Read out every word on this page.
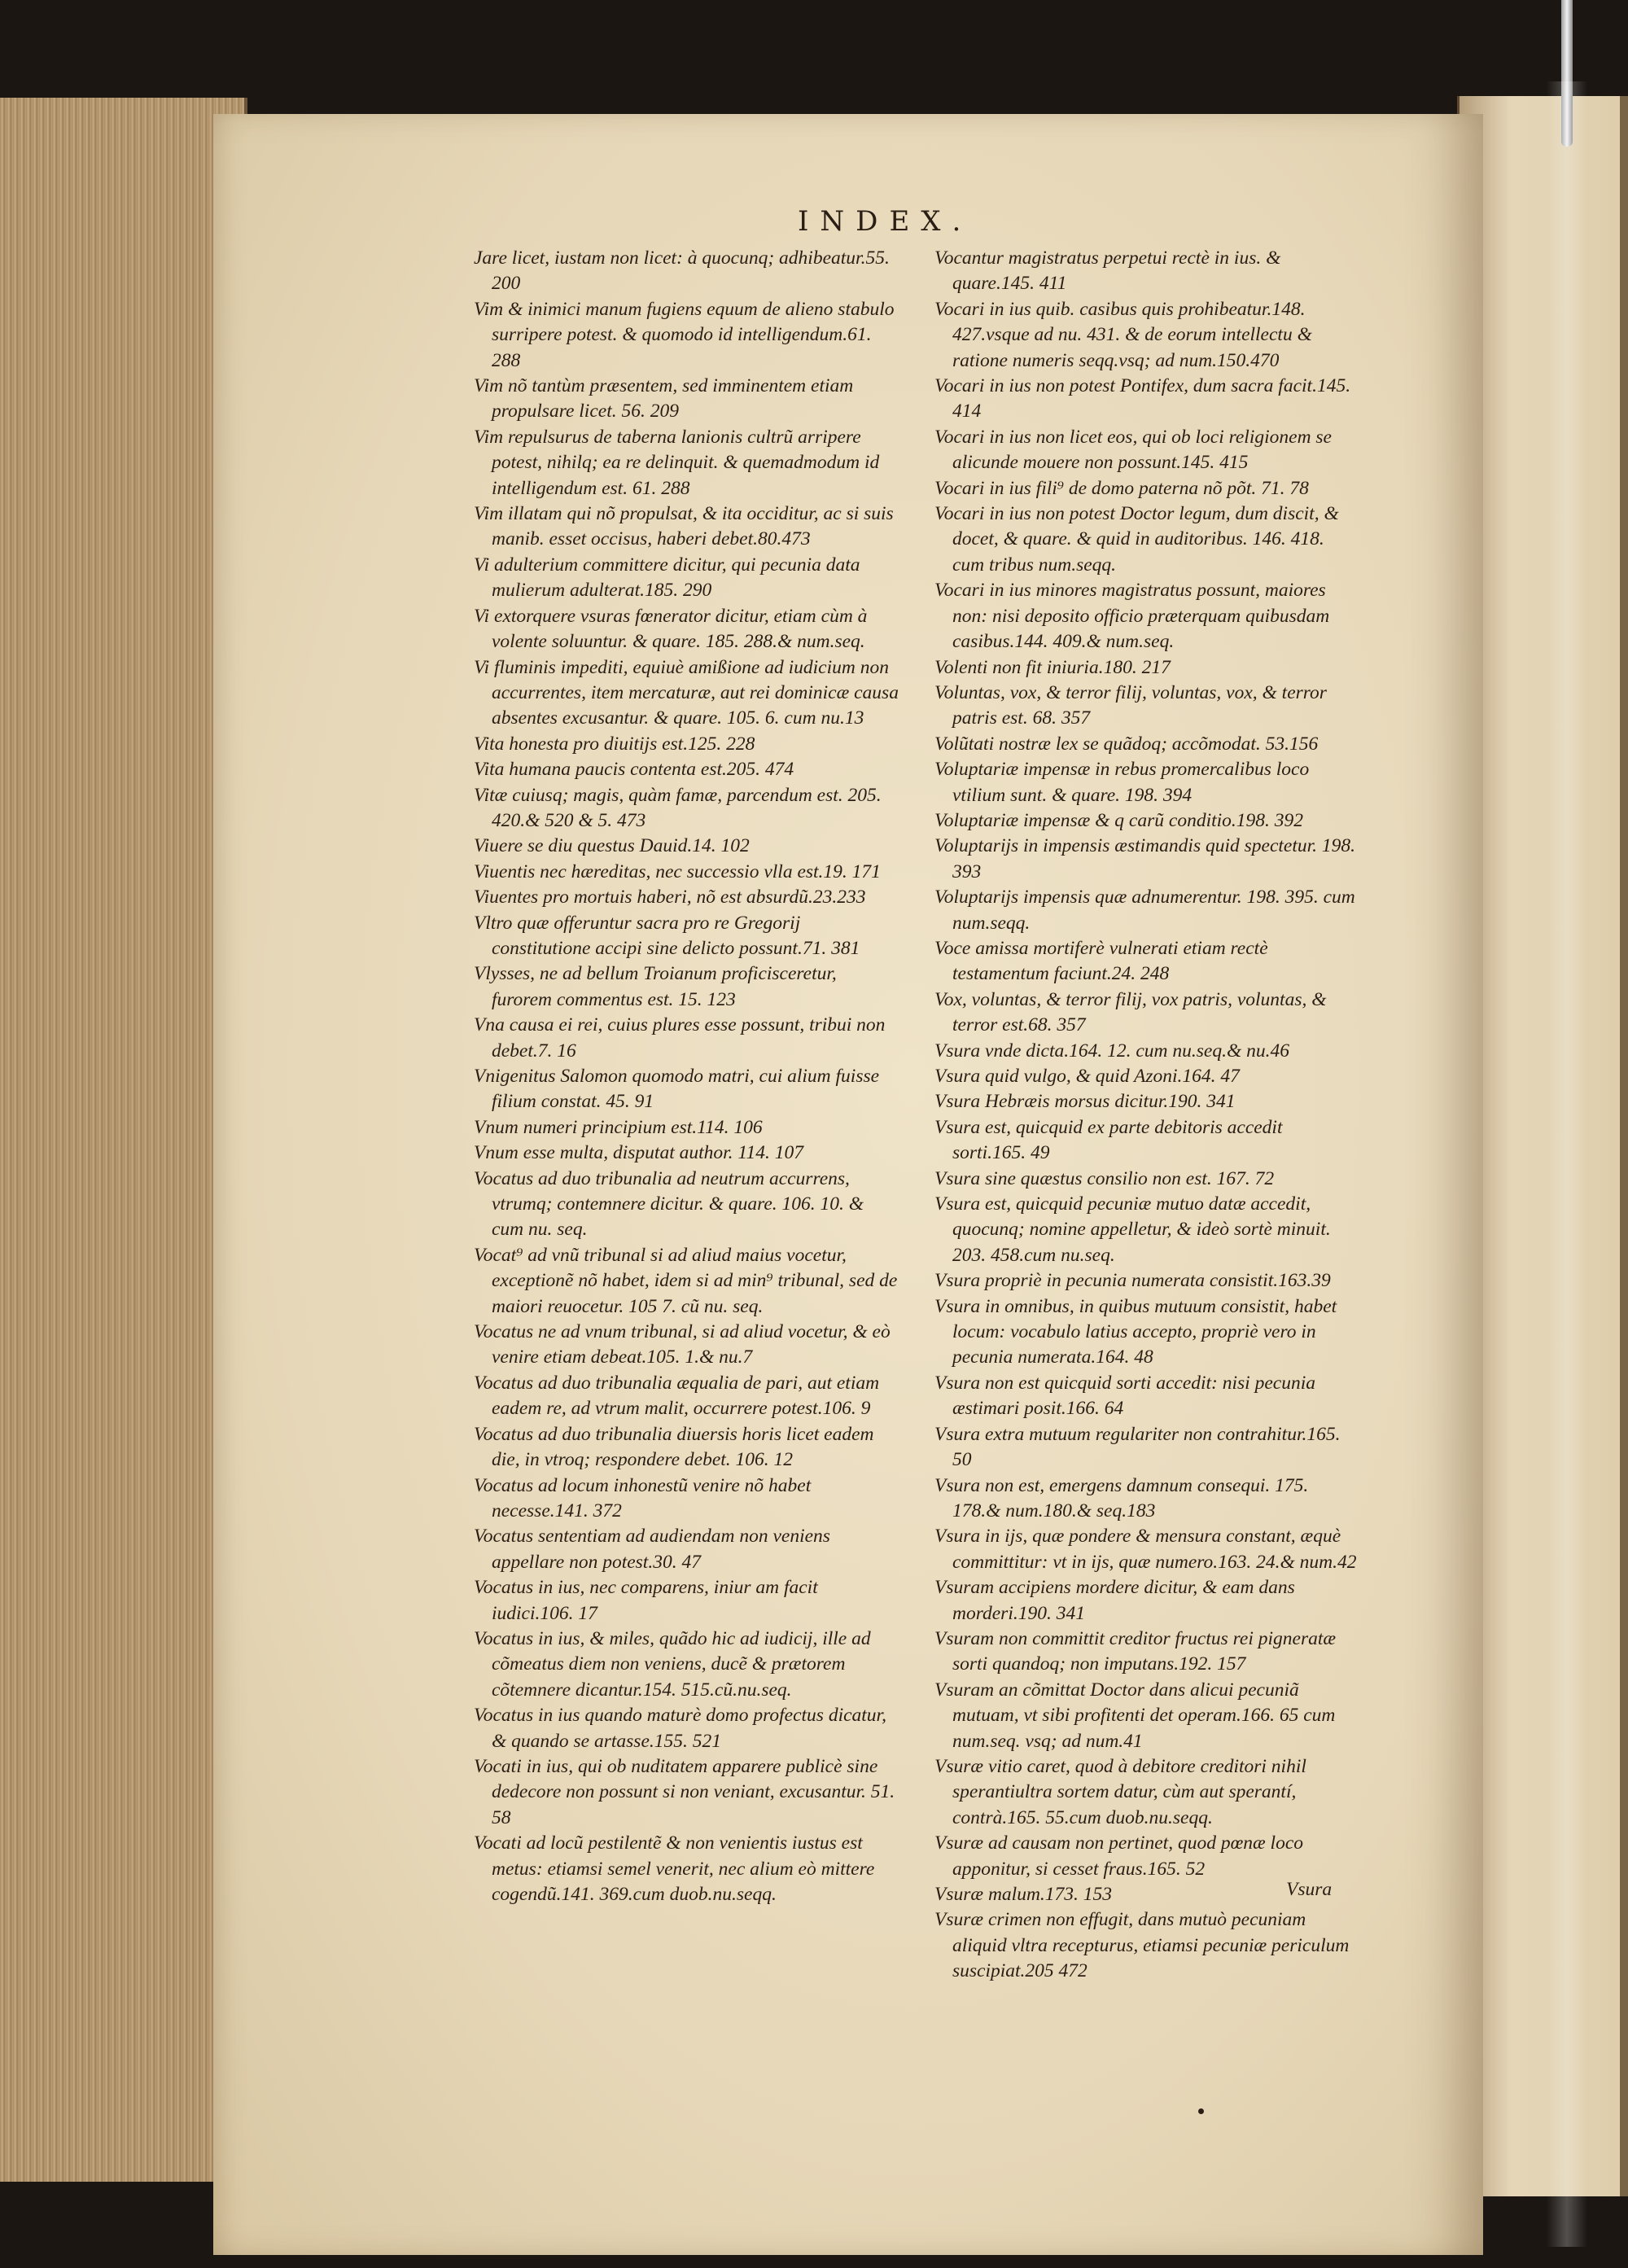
INDEX.
Jare licet, iustam non licet: à quocunq; adhibeatur.55. 200
Vim & inimici manum fugiens equum de alieno stabulo surripere potest. & quomodo id intelligendum.61. 288
Vim nõ tantùm præsentem, sed imminentem etiam propulsare licet. 56. 209
Vim repulsurus de taberna lanionis cultrũ arripere potest, nihilq; ea re delinquit. & quemadmodum id intelligendum est. 61. 288
Vim illatam qui nõ propulsat, & ita occiditur, ac si suis manib. esset occisus, haberi debet.80.473
Vi adulterium committere dicitur, qui pecunia data mulierum adulterat.185. 290
Vi extorquere vsuras fœnerator dicitur, etiam cùm à volente soluuntur. & quare. 185. 288.& num.seq.
Vi fluminis impediti, equiuè amißione ad iudicium non accurrentes, item mercaturæ, aut rei dominicæ causa absentes excusantur. & quare. 105. 6. cum nu.13
Vita honesta pro diuitijs est.125. 228
Vita humana paucis contenta est.205. 474
Vitæ cuiusq; magis, quàm famæ, parcendum est. 205. 420.& 520 & 5. 473
Viuere se diu questus Dauid.14. 102
Viuentis nec hæreditas, nec successio vlla est.19. 171
Viuentes pro mortuis haberi, nõ est absurdũ.23.233
Vltro quæ offeruntur sacra pro re Gregorij constitutione accipi sine delicto possunt.71. 381
Vlysses, ne ad bellum Troianum proficisceretur, furorem commentus est. 15. 123
Vna causa ei rei, cuius plures esse possunt, tribui non debet.7. 16
Vnigenitus Salomon quomodo matri, cui alium fuisse filium constat. 45. 91
Vnum numeri principium est.114. 106
Vnum esse multa, disputat author. 114. 107
Vocatus ad duo tribunalia ad neutrum accurrens, vtrumq; contemnere dicitur. & quare. 106. 10. & cum nu. seq.
Vocat⁹ ad vnũ tribunal si ad aliud maius vocetur, exceptionẽ nõ habet, idem si ad min⁹ tribunal, sed de maiori reuocetur. 105 7. cũ nu. seq.
Vocatus ne ad vnum tribunal, si ad aliud vocetur, & eò venire etiam debeat.105. 1.& nu.7
Vocatus ad duo tribunalia æqualia de pari, aut etiam eadem re, ad vtrum malit, occurrere potest.106. 9
Vocatus ad duo tribunalia diuersis horis licet eadem die, in vtroq; respondere debet. 106. 12
Vocatus ad locum inhonestũ venire nõ habet necesse.141. 372
Vocatus sententiam ad audiendam non veniens appellare non potest.30. 47
Vocatus in ius, nec comparens, iniur am facit iudici.106. 17
Vocatus in ius, & miles, quãdo hic ad iudicij, ille ad cõmeatus diem non veniens, ducẽ & prætorem cõtemnere dicantur.154. 515.cũ.nu.seq.
Vocatus in ius quando maturè domo profectus dicatur, & quando se artasse.155. 521
Vocati in ius, qui ob nuditatem apparere publicè sine dedecore non possunt si non veniant, excusantur. 51. 58
Vocati ad locũ pestilentẽ & non venientis iustus est metus: etiamsi semel venerit, nec alium eò mittere cogendũ.141. 369.cum duob.nu.seqq.
Vocantur magistratus perpetui rectè in ius. & quare.145. 411
Vocari in ius quib. casibus quis prohibeatur.148. 427.vsque ad nu. 431. & de eorum intellectu & ratione numeris seqq.vsq; ad num.150.470
Vocari in ius non potest Pontifex, dum sacra facit.145. 414
Vocari in ius non licet eos, qui ob loci religionem se alicunde mouere non possunt.145. 415
Vocari in ius fili⁹ de domo paterna nõ põt. 71. 78
Vocari in ius non potest Doctor legum, dum discit, & docet, & quare. & quid in auditoribus. 146. 418. cum tribus num.seqq.
Vocari in ius minores magistratus possunt, maiores non: nisi deposito officio præterquam quibusdam casibus.144. 409.& num.seq.
Volenti non fit iniuria.180. 217
Voluntas, vox, & terror filij, voluntas, vox, & terror patris est. 68. 357
Volũtati nostræ lex se quãdoq; accõmodat. 53.156
Voluptariæ impensæ in rebus promercalibus loco vtilium sunt. & quare. 198. 394
Voluptariæ impensæ & q carũ conditio.198. 392
Voluptarijs in impensis æstimandis quid spectetur. 198. 393
Voluptarijs impensis quæ adnumerentur. 198. 395. cum num.seqq.
Voce amissa mortiferè vulnerati etiam rectè testamentum faciunt.24. 248
Vox, voluntas, & terror filij, vox patris, voluntas, & terror est.68. 357
Vsura vnde dicta.164. 12. cum nu.seq.& nu.46
Vsura quid vulgo, & quid Azoni.164. 47
Vsura Hebræis morsus dicitur.190. 341
Vsura est, quicquid ex parte debitoris accedit sorti.165. 49
Vsura sine quæstus consilio non est. 167. 72
Vsura est, quicquid pecuniæ mutuo datæ accedit, quocunq; nomine appelletur, & ideò sortè minuit. 203. 458.cum nu.seq.
Vsura propriè in pecunia numerata consistit.163.39
Vsura in omnibus, in quibus mutuum consistit, habet locum: vocabulo latius accepto, propriè vero in pecunia numerata.164. 48
Vsura non est quicquid sorti accedit: nisi pecunia æstimari posit.166. 64
Vsura extra mutuum regulariter non contrahitur.165. 50
Vsura non est, emergens damnum consequi. 175. 178.& num.180.& seq.183
Vsura in ijs, quæ pondere & mensura constant, æquè committitur: vt in ijs, quæ numero.163. 24.& num.42
Vsuram accipiens mordere dicitur, & eam dans morderi.190. 341
Vsuram non committit creditor fructus rei pigneratæ sorti quandoq; non imputans.192. 157
Vsuram an cõmittat Doctor dans alicui pecuniã mutuam, vt sibi profitenti det operam.166. 65 cum num.seq. vsq; ad num.41
Vsuræ vitio caret, quod à debitore creditori nihil sperantiultra sortem datur, cùm aut sperantí, contrà.165. 55.cum duob.nu.seqq.
Vsuræ ad causam non pertinet, quod pœnæ loco apponitur, si cesset fraus.165. 52
Vsuræ malum.173. 153
Vsuræ crimen non effugit, dans mutuò pecuniam aliquid vltra recepturus, etiamsi pecuniæ periculum suscipiat.205 472
Vsura
